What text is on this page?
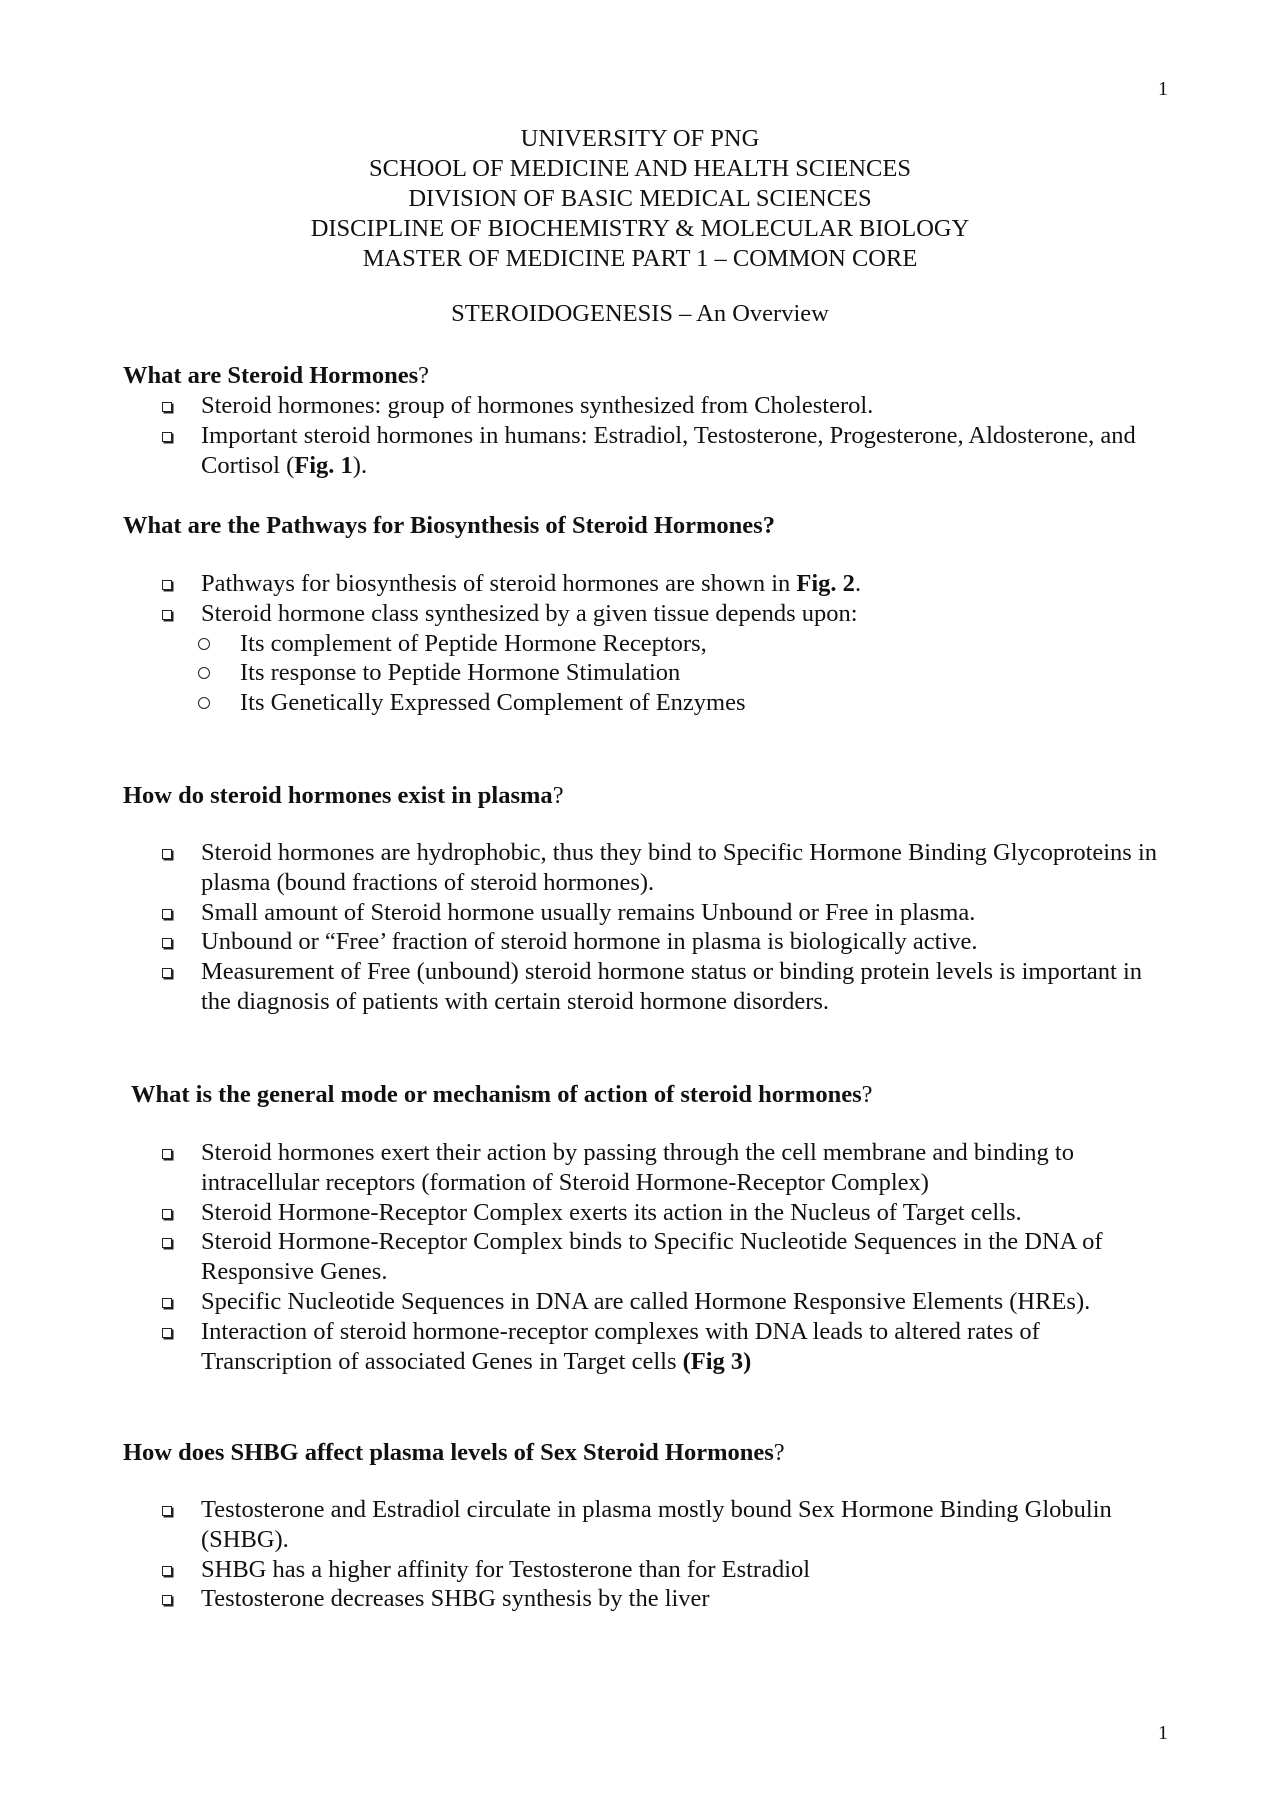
1
UNIVERSITY OF PNG
SCHOOL OF MEDICINE AND HEALTH SCIENCES
DIVISION OF BASIC MEDICAL SCIENCES
DISCIPLINE OF BIOCHEMISTRY & MOLECULAR BIOLOGY
MASTER OF MEDICINE PART 1 – COMMON CORE
STEROIDOGENESIS – An Overview
What are Steroid Hormones?
Steroid hormones: group of hormones synthesized from Cholesterol.
Important steroid hormones in humans: Estradiol, Testosterone, Progesterone, Aldosterone, and Cortisol (Fig. 1).
What are the Pathways for Biosynthesis of Steroid Hormones?
Pathways for biosynthesis of steroid hormones are shown in Fig. 2.
Steroid hormone class synthesized by a given tissue depends upon:
Its complement of Peptide Hormone Receptors,
Its response to Peptide Hormone Stimulation
Its Genetically Expressed Complement of Enzymes
How do steroid hormones exist in plasma?
Steroid hormones are hydrophobic, thus they bind to Specific Hormone Binding Glycoproteins in plasma (bound fractions of steroid hormones).
Small amount of Steroid hormone usually remains Unbound or Free in plasma.
Unbound or “Free’ fraction of steroid hormone in plasma is biologically active.
Measurement of Free (unbound) steroid hormone status or binding protein levels is important in the diagnosis of patients with certain steroid hormone disorders.
What is the general mode or mechanism of action of steroid hormones?
Steroid hormones exert their action by passing through the cell membrane and binding to intracellular receptors (formation of Steroid Hormone-Receptor Complex)
Steroid Hormone-Receptor Complex exerts its action in the Nucleus of Target cells.
Steroid Hormone-Receptor Complex binds to Specific Nucleotide Sequences in the DNA of Responsive Genes.
Specific Nucleotide Sequences in DNA are called Hormone Responsive Elements (HREs).
Interaction of steroid hormone-receptor complexes with DNA leads to altered rates of Transcription of associated Genes in Target cells (Fig 3)
How does SHBG affect plasma levels of Sex Steroid Hormones?
Testosterone and Estradiol circulate in plasma mostly bound Sex Hormone Binding Globulin (SHBG).
SHBG has a higher affinity for Testosterone than for Estradiol
Testosterone decreases SHBG synthesis by the liver
1
